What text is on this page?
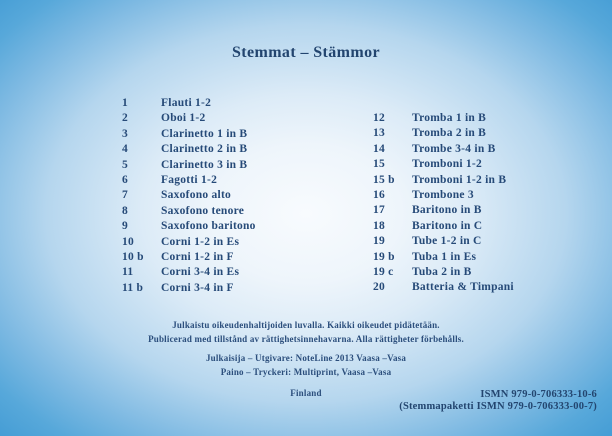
Stemmat – Stämmor
1	Flauti 1-2
2	Oboi 1-2
3	Clarinetto 1 in B
4	Clarinetto 2 in B
5	Clarinetto 3 in B
6	Fagotti 1-2
7	Saxofono alto
8	Saxofono tenore
9	Saxofono baritono
10	Corni 1-2 in Es
10 b	Corni 1-2 in F
11	Corni 3-4 in Es
11 b	Corni 3-4 in F
12	Tromba 1 in B
13	Tromba 2 in B
14	Trombe 3-4 in B
15	Tromboni 1-2
15 b	Tromboni 1-2 in B
16	Trombone 3
17	Baritono in B
18	Baritono in C
19	Tube 1-2 in C
19 b	Tuba 1 in Es
19 c	Tuba 2 in B
20	Batteria & Timpani

Julkaistu oikeudenhaltijoiden luvalla. Kaikki oikeudet pidätetään.

Publicerad med tillstånd av rättighetsinnehavarna. Alla rättigheter förbehålls.

Julkaisija – Utgivare: NoteLine 2013 Vaasa –Vasa

Paino – Tryckeri: Multiprint, Vaasa –Vasa

Finland	ISMN 979-0-706333-10-6
(Stemmapaketti ISMN 979-0-706333-00-7)
